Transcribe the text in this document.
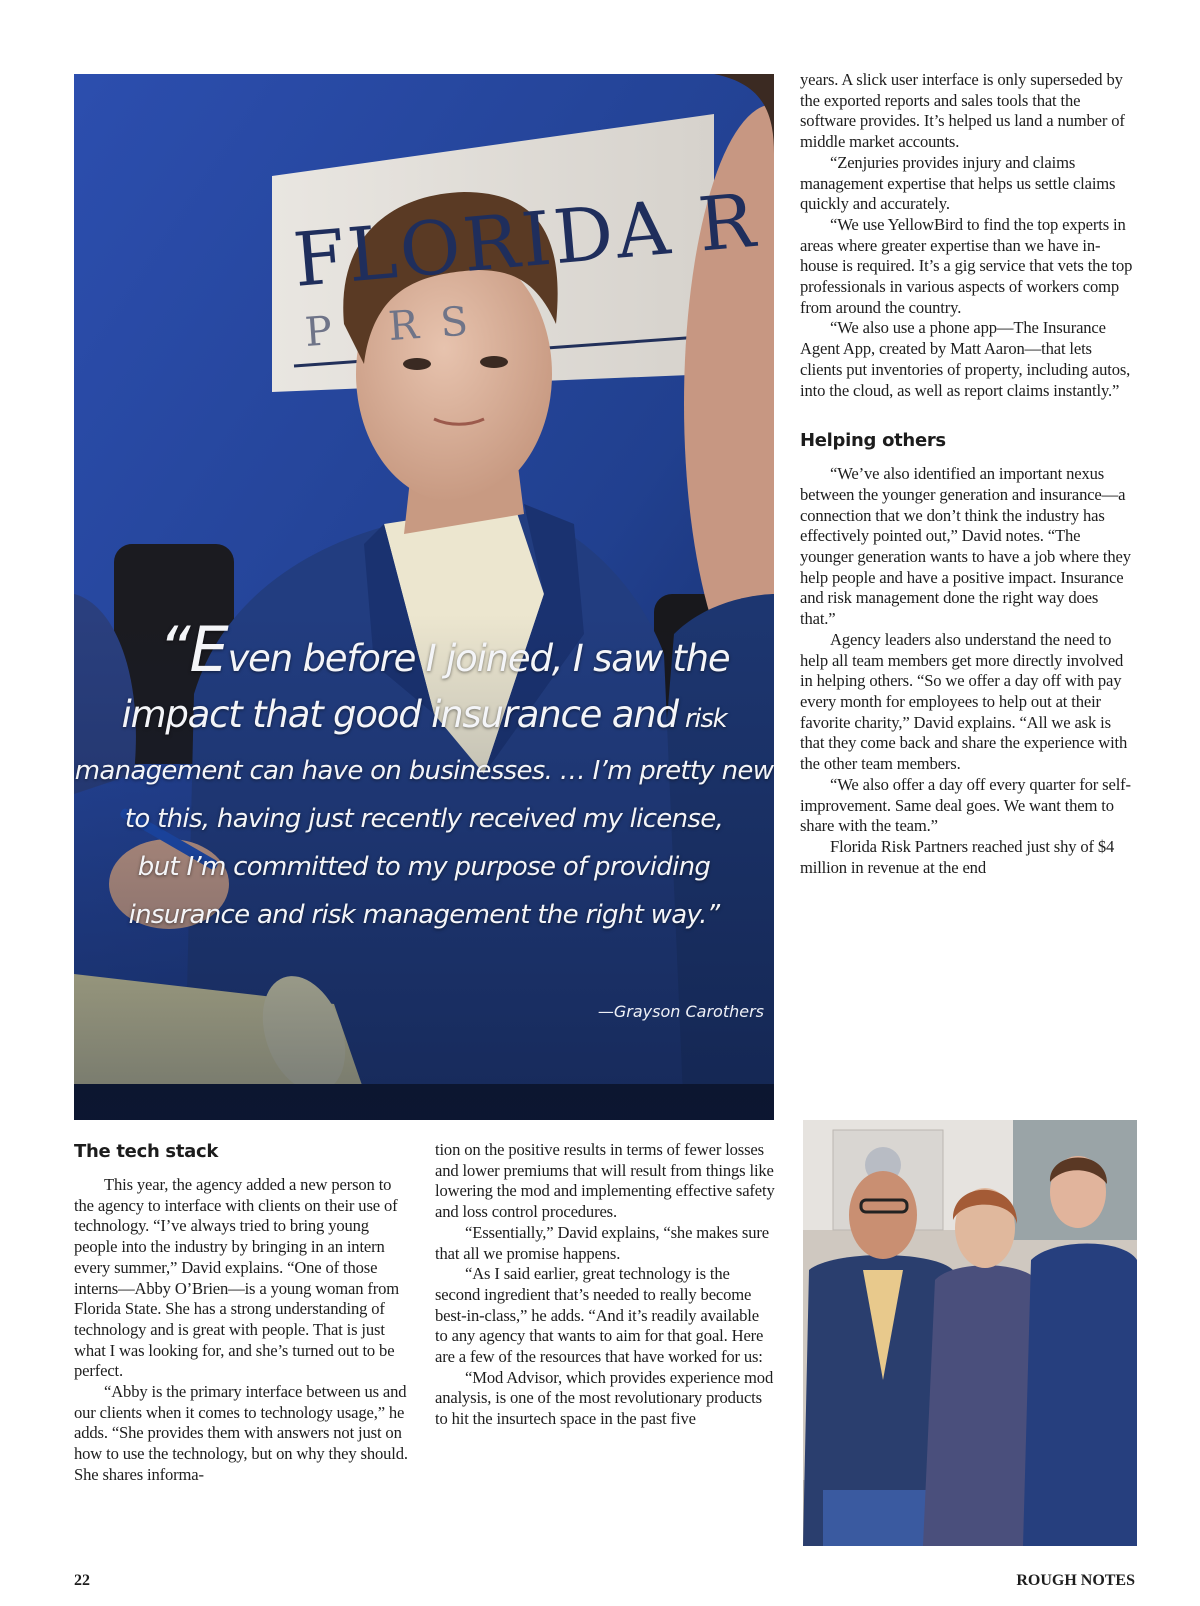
FLORIDA R
P RS
“Even before I joined, I saw the
impact that good insurance and risk
management can have on businesses. … I’m pretty new
to this, having just recently received my license,
but I’m committed to my purpose of providing
insurance and risk management the right way.”
—Grayson Carothers

years. A slick user interface is only superseded by the exported reports and sales tools that the software provides. It’s helped us land a number of middle market accounts.

“Zenjuries provides injury and claims management expertise that helps us settle claims quickly and accurately.

“We use YellowBird to find the top experts in areas where greater expertise than we have in-house is required. It’s a gig service that vets the top professionals in various aspects of workers comp from around the country.

“We also use a phone app—The Insurance Agent App, created by Matt Aaron—that lets clients put inventories of property, including autos, into the cloud, as well as report claims instantly.”

Helping others

“We’ve also identified an important nexus between the younger generation and insurance—a connection that we don’t think the industry has effectively pointed out,” David notes. “The younger generation wants to have a job where they help people and have a positive impact. Insurance and risk management done the right way does that.”

Agency leaders also understand the need to help all team members get more directly involved in helping others. “So we offer a day off with pay every month for employees to help out at their favorite charity,” David explains. “All we ask is that they come back and share the experience with the other team members.

“We also offer a day off every quarter for self-improvement. Same deal goes. We want them to share with the team.”

Florida Risk Partners reached just shy of $4 million in revenue at the end

The tech stack

This year, the agency added a new person to the agency to interface with clients on their use of technology. “I’ve always tried to bring young people into the industry by bringing in an intern every summer,” David explains. “One of those interns—Abby O’Brien—is a young woman from Florida State. She has a strong understanding of technology and is great with people. That is just what I was looking for, and she’s turned out to be perfect.

“Abby is the primary interface between us and our clients when it comes to technology usage,” he adds. “She provides them with answers not just on how to use the technology, but on why they should. She shares informa-

tion on the positive results in terms of fewer losses and lower premiums that will result from things like lowering the mod and implementing effective safety and loss control procedures.

“Essentially,” David explains, “she makes sure that all we promise happens.

“As I said earlier, great technology is the second ingredient that’s needed to really become best-in-class,” he adds. “And it’s readily available to any agency that wants to aim for that goal. Here are a few of the resources that have worked for us:

“Mod Advisor, which provides experience mod analysis, is one of the most revolutionary products to hit the insurtech space in the past five

22	ROUGH NOTES
